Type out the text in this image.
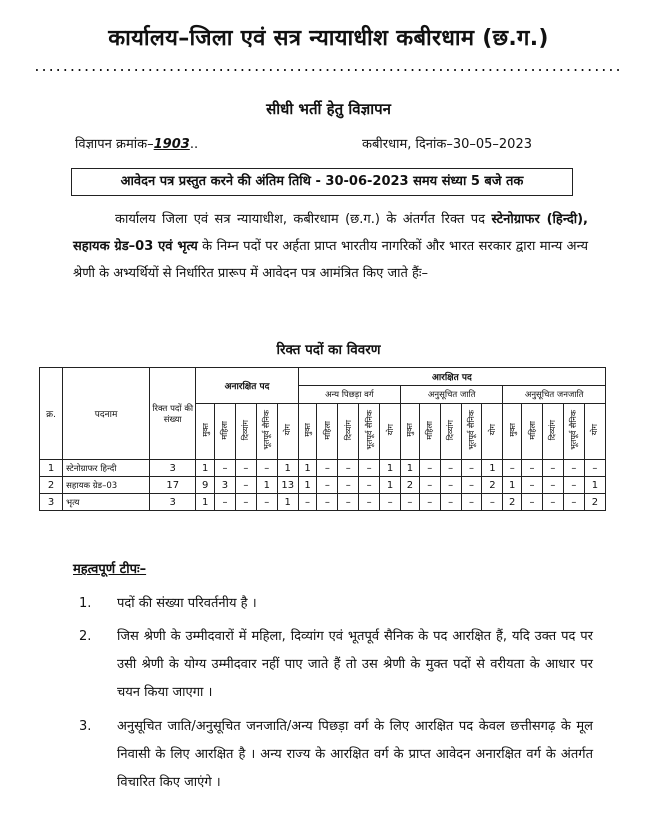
कार्यालय–जिला एवं सत्र न्यायाधीश कबीरधाम (छ.ग.)
...................................................................................
सीधी भर्ती हेतु विज्ञापन
विज्ञापन क्रमांक–1903..	कबीरधाम, दिनांक–30–05–2023
आवेदन पत्र प्रस्तुत करने की अंतिम तिथि - 30-06-2023 समय संध्या 5 बजे तक
कार्यालय जिला एवं सत्र न्यायाधीश, कबीरधाम (छ.ग.) के अंतर्गत रिक्त पद स्टेनोग्राफर (हिन्दी), सहायक ग्रेड–03 एवं भृत्य के निम्न पदों पर अर्हता प्राप्त भारतीय नागरिकों और भारत सरकार द्वारा मान्य अन्य श्रेणी के अभ्यर्थियों से निर्धारित प्रारूप में आवेदन पत्र आमंत्रित किए जाते हैंः–
रिक्त पदों का विवरण
क्र.	पदनाम	रिक्त पदों की संख्या	अनारक्षित पद					आरक्षित पद														
								अन्य पिछड़ा वर्ग					अनुसूचित जाति					अनुसूचित जनजाति				
			मुक्त	महिला	दिव्यांग	भूतपूर्व सैनिक	योग	मुक्त	महिला	दिव्यांग	भूतपूर्व सैनिक	योग	मुक्त	महिला	दिव्यांग	भूतपूर्व सैनिक	योग	मुक्त	महिला	दिव्यांग	भूतपूर्व सैनिक	योग
1	स्टेनोग्राफर हिन्दी	3	1	–	–	–	1	1	–	–	–	1	1	–	–	–	1	–	–	–	–	–
2	सहायक ग्रेड–03	17	9	3	–	1	13	1	–	–	–	1	2	–	–	–	2	1	–	–	–	1
3	भृत्य	3	1	–	–	–	1	–	–	–	–	–	–	–	–	–	–	2	–	–	–	2
महत्वपूर्ण टीपः–
1. पदों की संख्या परिवर्तनीय है ।
2. जिस श्रेणी के उम्मीदवारों में महिला, दिव्यांग एवं भूतपूर्व सैनिक के पद आरक्षित हैं, यदि उक्त पद पर उसी श्रेणी के योग्य उम्मीदवार नहीं पाए जाते हैं तो उस श्रेणी के मुक्त पदों से वरीयता के आधार पर चयन किया जाएगा ।
3. अनुसूचित जाति/अनुसूचित जनजाति/अन्य पिछड़ा वर्ग के लिए आरक्षित पद केवल छत्तीसगढ़ के मूल निवासी के लिए आरक्षित है । अन्य राज्य के आरक्षित वर्ग के प्राप्त आवेदन अनारक्षित वर्ग के अंतर्गत विचारित किए जाएंगे ।
